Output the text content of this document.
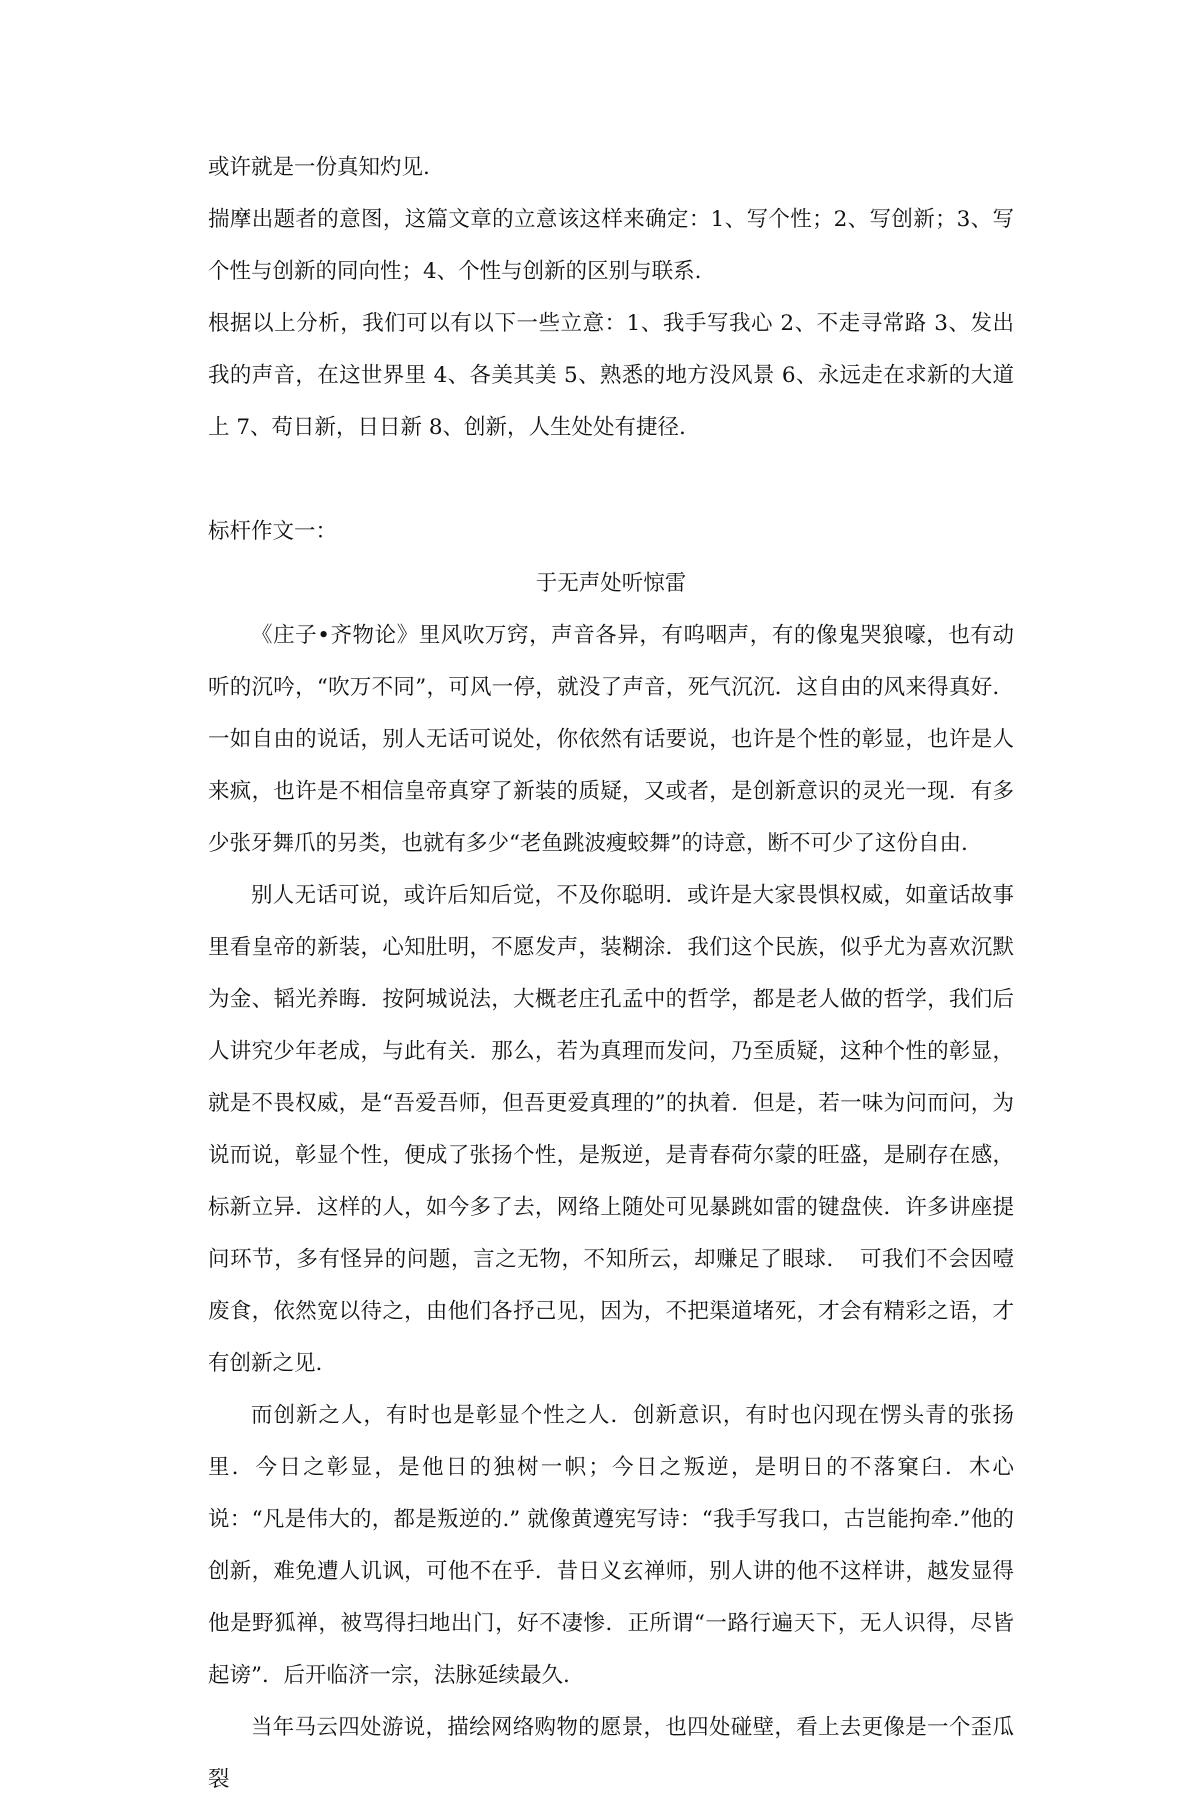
或许就是一份真知灼见.

揣摩出题者的意图，这篇文章的立意该这样来确定：1、写个性；2、写创新；3、写个性与创新的同向性；4、个性与创新的区别与联系.

根据以上分析，我们可以有以下一些立意：1、我手写我心 2、不走寻常路 3、发出我的声音，在这世界里 4、各美其美 5、熟悉的地方没风景 6、永远走在求新的大道上 7、苟日新，日日新 8、创新，人生处处有捷径.

标杆作文一：

于无声处听惊雷

《庄子•齐物论》里风吹万窍，声音各异，有呜咽声，有的像鬼哭狼嚎，也有动听的沉吟，“吹万不同”，可风一停，就没了声音，死气沉沉．这自由的风来得真好．一如自由的说话，别人无话可说处，你依然有话要说，也许是个性的彰显，也许是人来疯，也许是不相信皇帝真穿了新装的质疑，又或者，是创新意识的灵光一现．有多少张牙舞爪的另类，也就有多少“老鱼跳波瘦蛟舞”的诗意，断不可少了这份自由.

别人无话可说，或许后知后觉，不及你聪明．或许是大家畏惧权威，如童话故事里看皇帝的新装，心知肚明，不愿发声，装糊涂．我们这个民族，似乎尤为喜欢沉默为金、韬光养晦．按阿城说法，大概老庄孔孟中的哲学，都是老人做的哲学，我们后人讲究少年老成，与此有关．那么，若为真理而发问，乃至质疑，这种个性的彰显，就是不畏权威，是“吾爱吾师，但吾更爱真理的”的执着．但是，若一味为问而问，为说而说，彰显个性，便成了张扬个性，是叛逆，是青春荷尔蒙的旺盛，是刷存在感，标新立异．这样的人，如今多了去，网络上随处可见暴跳如雷的键盘侠．许多讲座提问环节，多有怪异的问题，言之无物，不知所云，却赚足了眼球．　可我们不会因噎废食，依然宽以待之，由他们各抒己见，因为，不把渠道堵死，才会有精彩之语，才有创新之见.

而创新之人，有时也是彰显个性之人．创新意识，有时也闪现在愣头青的张扬里．今日之彰显，是他日的独树一帜；今日之叛逆，是明日的不落窠臼．木心说：“凡是伟大的，都是叛逆的.” 就像黄遵宪写诗：“我手写我口，古岂能拘牵.”他的创新，难免遭人讥讽，可他不在乎．昔日义玄禅师，别人讲的他不这样讲，越发显得他是野狐禅，被骂得扫地出门，好不凄惨．正所谓“一路行遍天下，无人识得，尽皆起谤”．后开临济一宗，法脉延续最久.

当年马云四处游说，描绘网络购物的愿景，也四处碰壁，看上去更像是一个歪瓜裂
